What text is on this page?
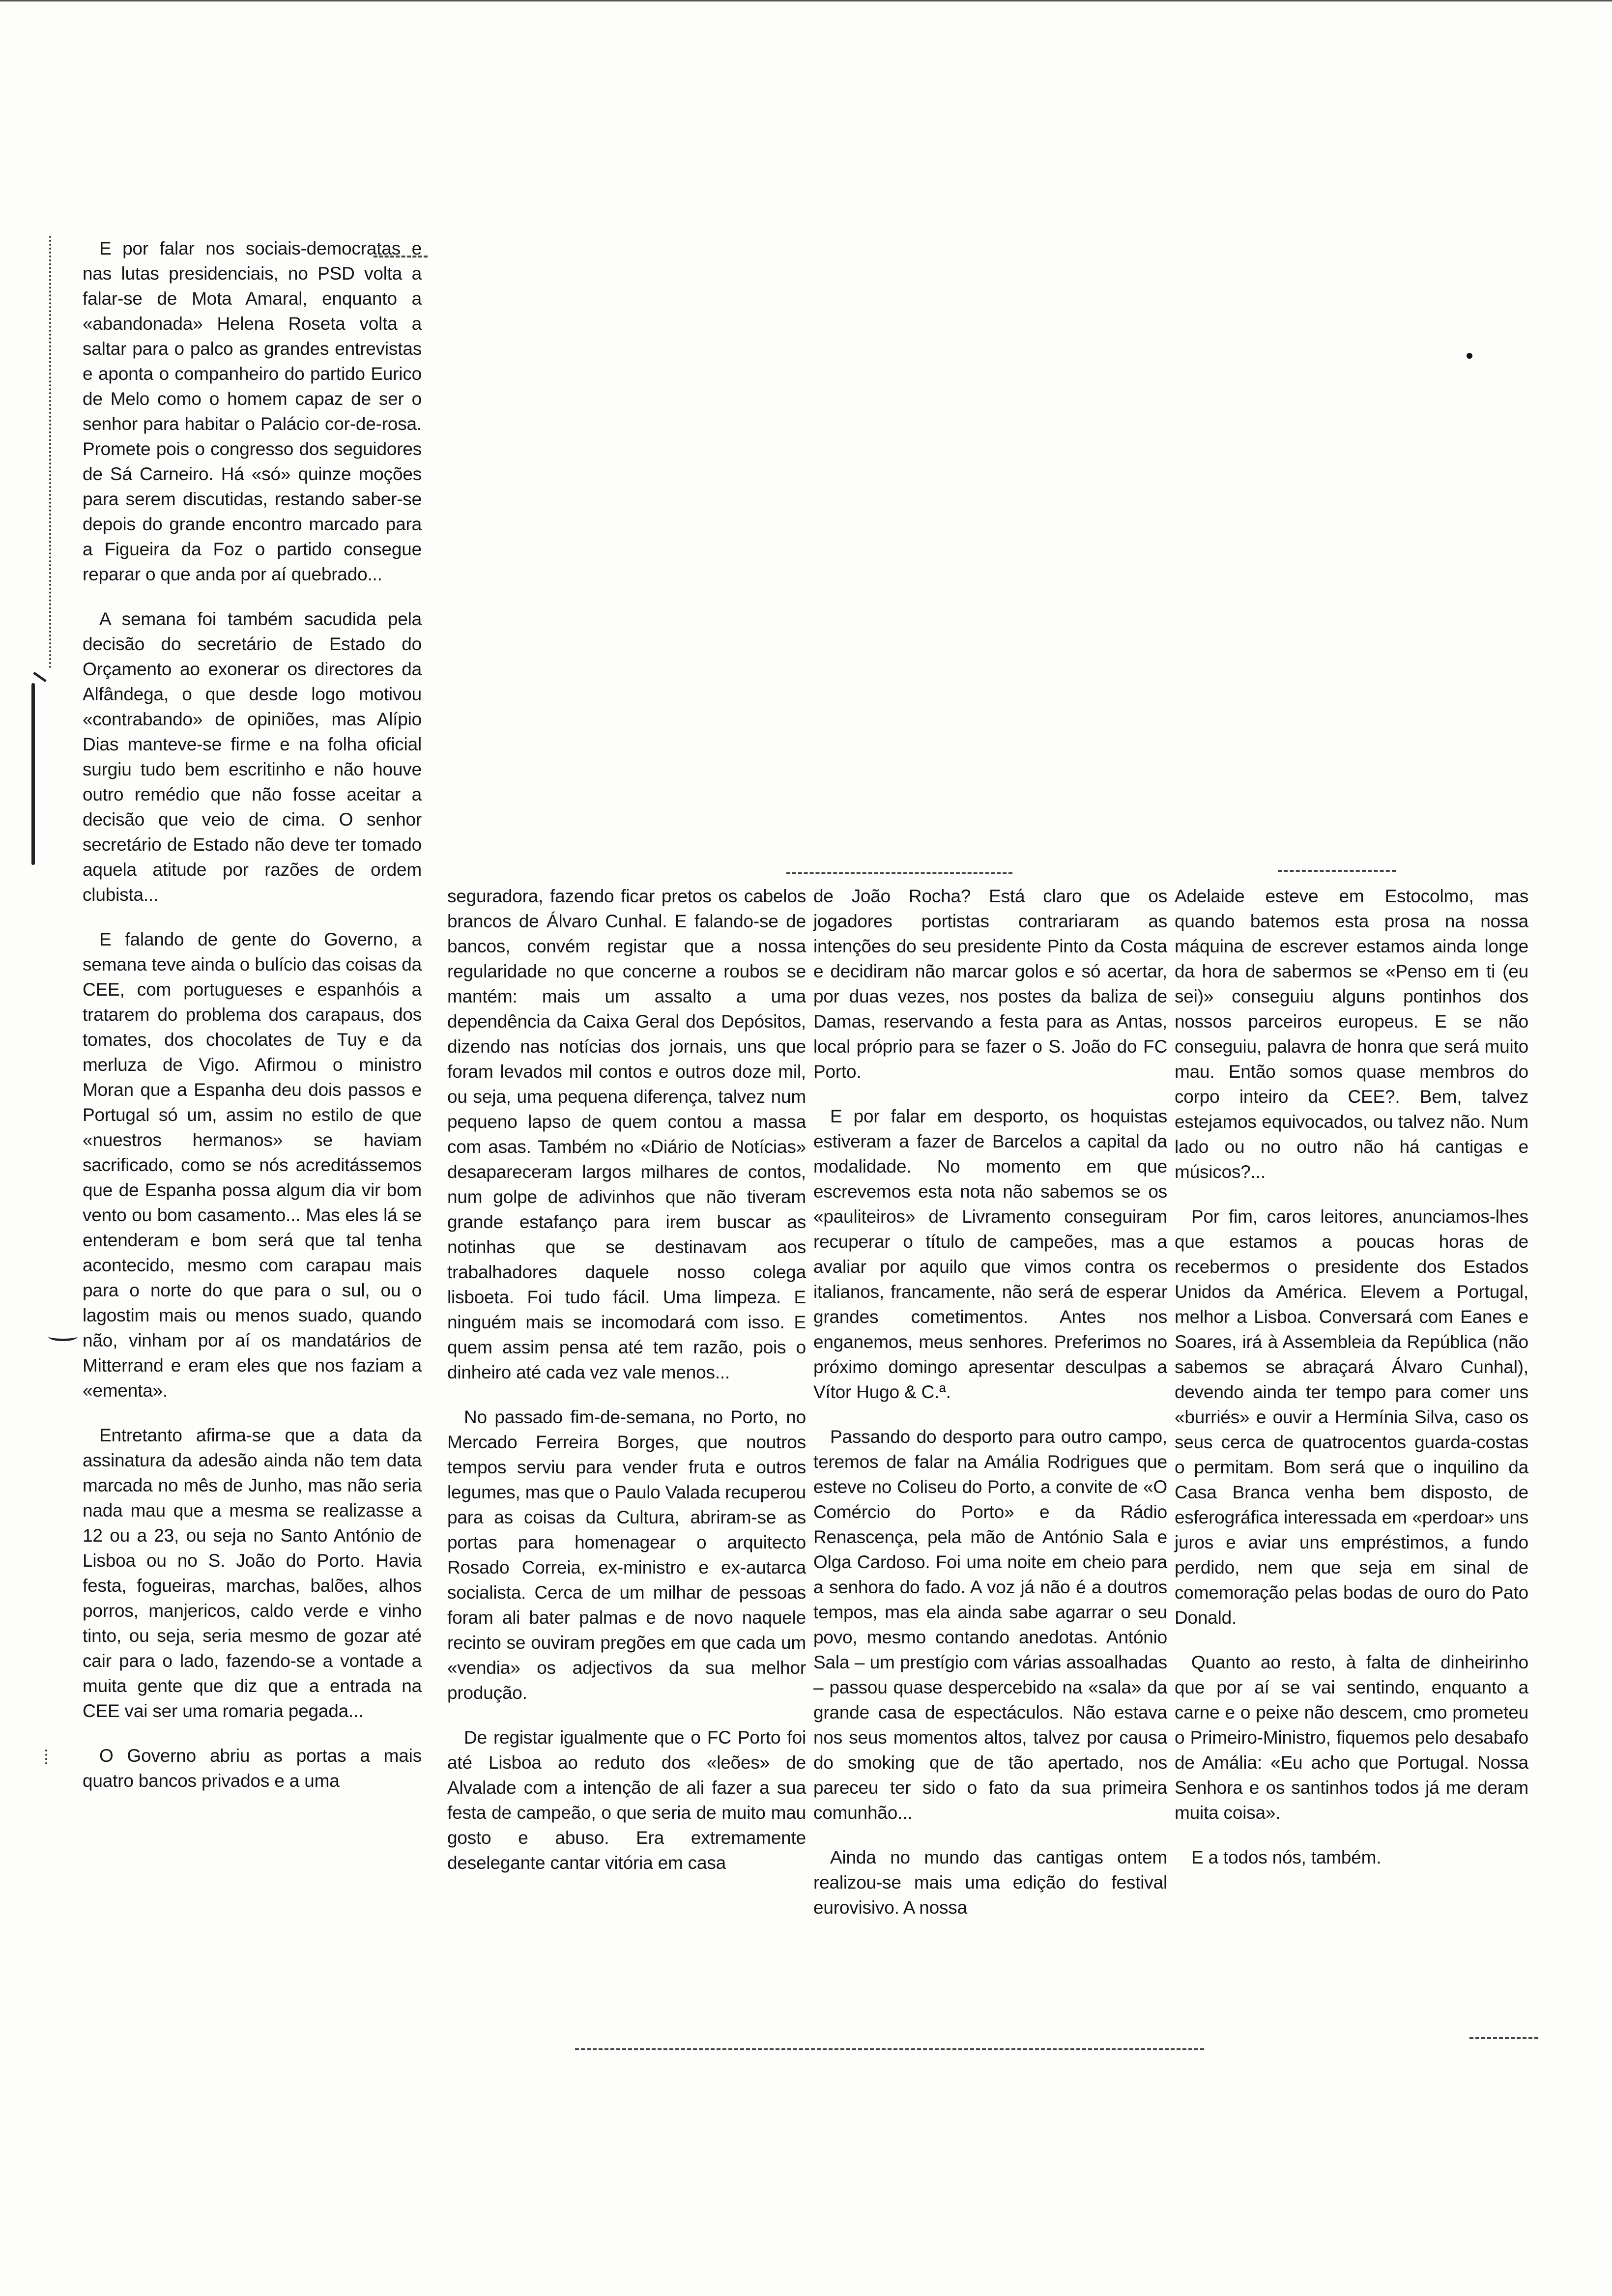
E por falar nos sociais-democratas e nas lutas presidenciais, no PSD volta a falar-se de Mota Amaral, enquanto a «abandonada» Helena Roseta volta a saltar para o palco as grandes entrevistas e aponta o companheiro do partido Eurico de Melo como o homem capaz de ser o senhor para habitar o Palácio cor-de-rosa. Promete pois o congresso dos seguidores de Sá Carneiro. Há «só» quinze moções para serem discutidas, restando saber-se depois do grande encontro marcado para a Figueira da Foz o partido consegue reparar o que anda por aí quebrado...

A semana foi também sacudida pela decisão do secretário de Estado do Orçamento ao exonerar os directores da Alfândega, o que desde logo motivou «contrabando» de opiniões, mas Alípio Dias manteve-se firme e na folha oficial surgiu tudo bem escritinho e não houve outro remédio que não fosse aceitar a decisão que veio de cima. O senhor secretário de Estado não deve ter tomado aquela atitude por razões de ordem clubista...

E falando de gente do Governo, a semana teve ainda o bulício das coisas da CEE, com portugueses e espanhóis a tratarem do problema dos carapaus, dos tomates, dos chocolates de Tuy e da merluza de Vigo. Afirmou o ministro Moran que a Espanha deu dois passos e Portugal só um, assim no estilo de que «nuestros hermanos» se haviam sacrificado, como se nós acreditássemos que de Espanha possa algum dia vir bom vento ou bom casamento... Mas eles lá se entenderam e bom será que tal tenha acontecido, mesmo com carapau mais para o norte do que para o sul, ou o lagostim mais ou menos suado, quando não, vinham por aí os mandatários de Mitterrand e eram eles que nos faziam a «ementa».

Entretanto afirma-se que a data da assinatura da adesão ainda não tem data marcada no mês de Junho, mas não seria nada mau que a mesma se realizasse a 12 ou a 23, ou seja no Santo António de Lisboa ou no S. João do Porto. Havia festa, fogueiras, marchas, balões, alhos porros, manjericos, caldo verde e vinho tinto, ou seja, seria mesmo de gozar até cair para o lado, fazendo-se a vontade a muita gente que diz que a entrada na CEE vai ser uma romaria pegada...

O Governo abriu as portas a mais quatro bancos privados e a uma

seguradora, fazendo ficar pretos os cabelos brancos de Álvaro Cunhal. E falando-se de bancos, convém registar que a nossa regularidade no que concerne a roubos se mantém: mais um assalto a uma dependência da Caixa Geral dos Depósitos, dizendo nas notícias dos jornais, uns que foram levados mil contos e outros doze mil, ou seja, uma pequena diferença, talvez num pequeno lapso de quem contou a massa com asas. Também no «Diário de Notícias» desapareceram largos milhares de contos, num golpe de adivinhos que não tiveram grande estafanço para irem buscar as notinhas que se destinavam aos trabalhadores daquele nosso colega lisboeta. Foi tudo fácil. Uma limpeza. E ninguém mais se incomodará com isso. E quem assim pensa até tem razão, pois o dinheiro até cada vez vale menos...

No passado fim-de-semana, no Porto, no Mercado Ferreira Borges, que noutros tempos serviu para vender fruta e outros legumes, mas que o Paulo Valada recuperou para as coisas da Cultura, abriram-se as portas para homenagear o arquitecto Rosado Correia, ex-ministro e ex-autarca socialista. Cerca de um milhar de pessoas foram ali bater palmas e de novo naquele recinto se ouviram pregões em que cada um «vendia» os adjectivos da sua melhor produção.

De registar igualmente que o FC Porto foi até Lisboa ao reduto dos «leões» de Alvalade com a intenção de ali fazer a sua festa de campeão, o que seria de muito mau gosto e abuso. Era extremamente deselegante cantar vitória em casa

de João Rocha? Está claro que os jogadores portistas contrariaram as intenções do seu presidente Pinto da Costa e decidiram não marcar golos e só acertar, por duas vezes, nos postes da baliza de Damas, reservando a festa para as Antas, local próprio para se fazer o S. João do FC Porto.

E por falar em desporto, os hoquistas estiveram a fazer de Barcelos a capital da modalidade. No momento em que escrevemos esta nota não sabemos se os «pauliteiros» de Livramento conseguiram recuperar o título de campeões, mas a avaliar por aquilo que vimos contra os italianos, francamente, não será de esperar grandes cometimentos. Antes nos enganemos, meus senhores. Preferimos no próximo domingo apresentar desculpas a Vítor Hugo & C.ª.

Passando do desporto para outro campo, teremos de falar na Amália Rodrigues que esteve no Coliseu do Porto, a convite de «O Comércio do Porto» e da Rádio Renascença, pela mão de António Sala e Olga Cardoso. Foi uma noite em cheio para a senhora do fado. A voz já não é a doutros tempos, mas ela ainda sabe agarrar o seu povo, mesmo contando anedotas. António Sala – um prestígio com várias assoalhadas – passou quase despercebido na «sala» da grande casa de espectáculos. Não estava nos seus momentos altos, talvez por causa do smoking que de tão apertado, nos pareceu ter sido o fato da sua primeira comunhão...

Ainda no mundo das cantigas ontem realizou-se mais uma edição do festival eurovisivo. A nossa

Adelaide esteve em Estocolmo, mas quando batemos esta prosa na nossa máquina de escrever estamos ainda longe da hora de sabermos se «Penso em ti (eu sei)» conseguiu alguns pontinhos dos nossos parceiros europeus. E se não conseguiu, palavra de honra que será muito mau. Então somos quase membros do corpo inteiro da CEE?. Bem, talvez estejamos equivocados, ou talvez não. Num lado ou no outro não há cantigas e músicos?...

Por fim, caros leitores, anunciamos-lhes que estamos a poucas horas de recebermos o presidente dos Estados Unidos da América. Elevem a Portugal, melhor a Lisboa. Conversará com Eanes e Soares, irá à Assembleia da República (não sabemos se abraçará Álvaro Cunhal), devendo ainda ter tempo para comer uns «burriés» e ouvir a Hermínia Silva, caso os seus cerca de quatrocentos guarda-costas o permitam. Bom será que o inquilino da Casa Branca venha bem disposto, de esferográfica interessada em «perdoar» uns juros e aviar uns empréstimos, a fundo perdido, nem que seja em sinal de comemoração pelas bodas de ouro do Pato Donald.

Quanto ao resto, à falta de dinheirinho que por aí se vai sentindo, enquanto a carne e o peixe não descem, cmo prometeu o Primeiro-Ministro, fiquemos pelo desabafo de Amália: «Eu acho que Portugal. Nossa Senhora e os santinhos todos já me deram muita coisa».

E a todos nós, também.
